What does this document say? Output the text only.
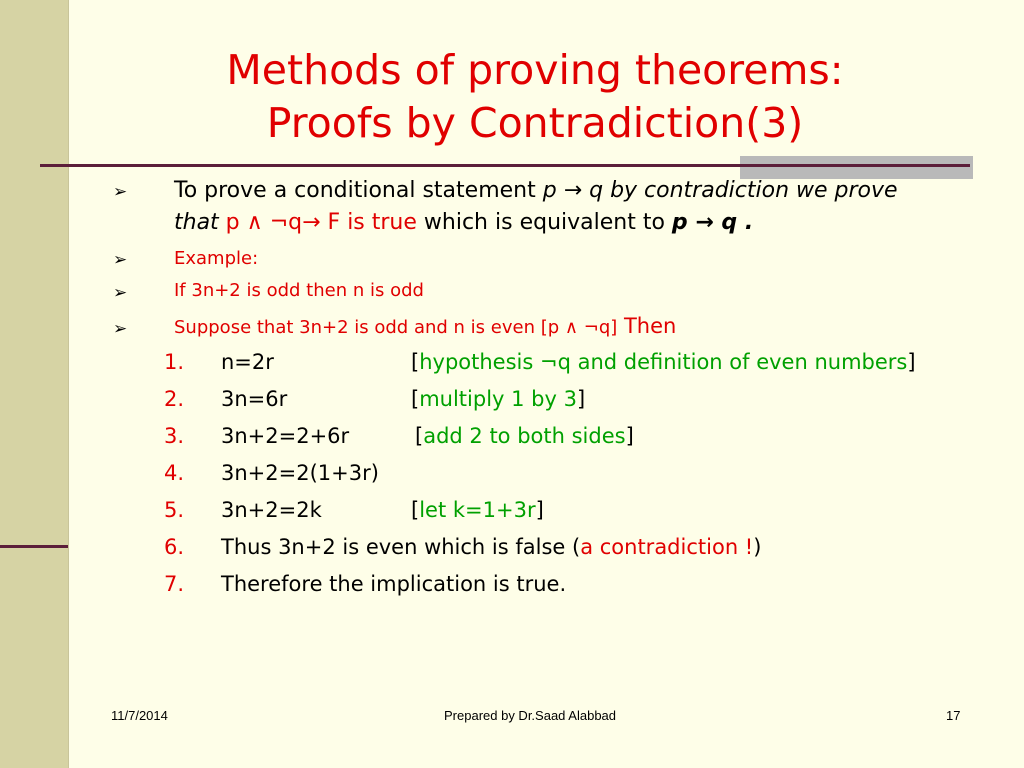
Methods of proving theorems:
Proofs by Contradiction(3)
➢ To prove a conditional statement p → q by contradiction we prove
that p ∧ ¬q→ F is true which is equivalent to p → q .
➢	Example:
➢	If 3n+2 is odd then n is odd
➢	Suppose that 3n+2 is odd and n is even [p ∧ ¬q] Then
1.	n=2r	[hypothesis ¬q and definition of even numbers]
2.	3n=6r	[multiply 1 by 3]
3.	3n+2=2+6r	[add 2 to both sides]
4.	3n+2=2(1+3r)
5.	3n+2=2k	[let k=1+3r]
6.	Thus 3n+2 is even which is false (a contradiction !)
7.	Therefore the implication is true.
11/7/2014	Prepared by Dr.Saad Alabbad	17
